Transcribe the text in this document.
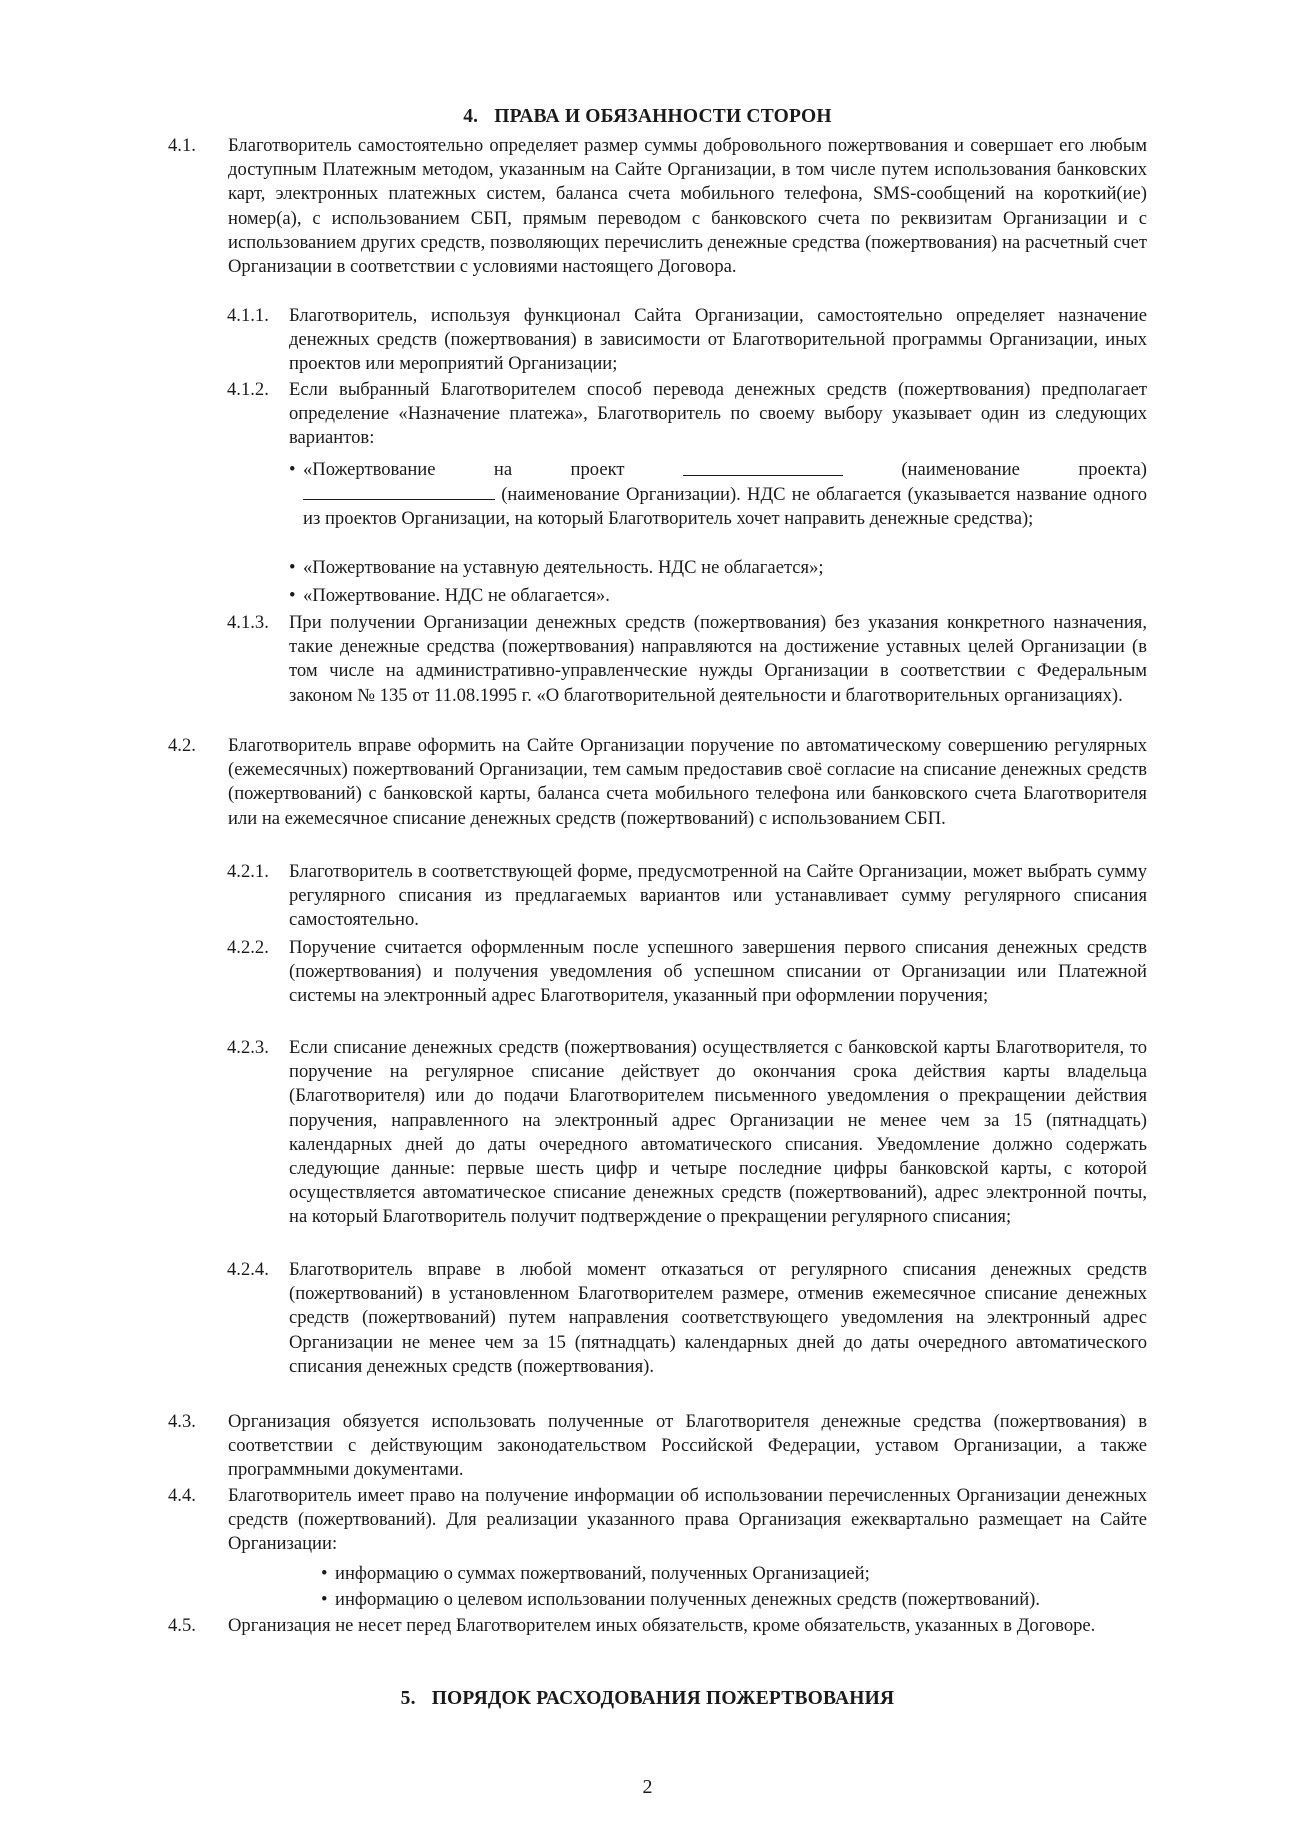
4. ПРАВА И ОБЯЗАННОСТИ СТОРОН
4.1. Благотворитель самостоятельно определяет размер суммы добровольного пожертвования и совершает его любым доступным Платежным методом, указанным на Сайте Организации, в том числе путем использования банковских карт, электронных платежных систем, баланса счета мобильного телефона, SMS-сообщений на короткий(ие) номер(а), с использованием СБП, прямым переводом с банковского счета по реквизитам Организации и с использованием других средств, позволяющих перечислить денежные средства (пожертвования) на расчетный счет Организации в соответствии с условиями настоящего Договора.
4.1.1. Благотворитель, используя функционал Сайта Организации, самостоятельно определяет назначение денежных средств (пожертвования) в зависимости от Благотворительной программы Организации, иных проектов или мероприятий Организации;
4.1.2. Если выбранный Благотворителем способ перевода денежных средств (пожертвования) предполагает определение «Назначение платежа», Благотворитель по своему выбору указывает один из следующих вариантов:
• «Пожертвование	на	проект	(наименование	проекта)
(наименование Организации). НДС не облагается (указывается название одного из проектов Организации, на который Благотворитель хочет направить денежные средства);
• «Пожертвование на уставную деятельность. НДС не облагается»;
• «Пожертвование. НДС не облагается».
4.1.3. При получении Организации денежных средств (пожертвования) без указания конкретного назначения, такие денежные средства (пожертвования) направляются на достижение уставных целей Организации (в том числе на административно-управленческие нужды Организации в соответствии с Федеральным законом № 135 от 11.08.1995 г. «О благотворительной деятельности и благотворительных организациях).
4.2. Благотворитель вправе оформить на Сайте Организации поручение по автоматическому совершению регулярных (ежемесячных) пожертвований Организации, тем самым предоставив своё согласие на списание денежных средств (пожертвований) с банковской карты, баланса счета мобильного телефона или банковского счета Благотворителя или на ежемесячное списание денежных средств (пожертвований) с использованием СБП.
4.2.1. Благотворитель в соответствующей форме, предусмотренной на Сайте Организации, может выбрать сумму регулярного списания из предлагаемых вариантов или устанавливает сумму регулярного списания самостоятельно.
4.2.2. Поручение считается оформленным после успешного завершения первого списания денежных средств (пожертвования) и получения уведомления об успешном списании от Организации или Платежной системы на электронный адрес Благотворителя, указанный при оформлении поручения;
4.2.3. Если списание денежных средств (пожертвования) осуществляется с банковской карты Благотворителя, то поручение на регулярное списание действует до окончания срока действия карты владельца (Благотворителя) или до подачи Благотворителем письменного уведомления о прекращении действия поручения, направленного на электронный адрес Организации не менее чем за 15 (пятнадцать) календарных дней до даты очередного автоматического списания. Уведомление должно содержать следующие данные: первые шесть цифр и четыре последние цифры банковской карты, с которой осуществляется автоматическое списание денежных средств (пожертвований), адрес электронной почты, на который Благотворитель получит подтверждение о прекращении регулярного списания;
4.2.4. Благотворитель вправе в любой момент отказаться от регулярного списания денежных средств (пожертвований) в установленном Благотворителем размере, отменив ежемесячное списание денежных средств (пожертвований) путем направления соответствующего уведомления на электронный адрес Организации не менее чем за 15 (пятнадцать) календарных дней до даты очередного автоматического списания денежных средств (пожертвования).
4.3. Организация обязуется использовать полученные от Благотворителя денежные средства (пожертвования) в соответствии с действующим законодательством Российской Федерации, уставом Организации, а также программными документами.
4.4. Благотворитель имеет право на получение информации об использовании перечисленных Организации денежных средств (пожертвований). Для реализации указанного права Организация ежеквартально размещает на Сайте Организации:
• информацию о суммах пожертвований, полученных Организацией;
• информацию о целевом использовании полученных денежных средств (пожертвований).
4.5. Организация не несет перед Благотворителем иных обязательств, кроме обязательств, указанных в Договоре.
5. ПОРЯДОК РАСХОДОВАНИЯ ПОЖЕРТВОВАНИЯ
2
